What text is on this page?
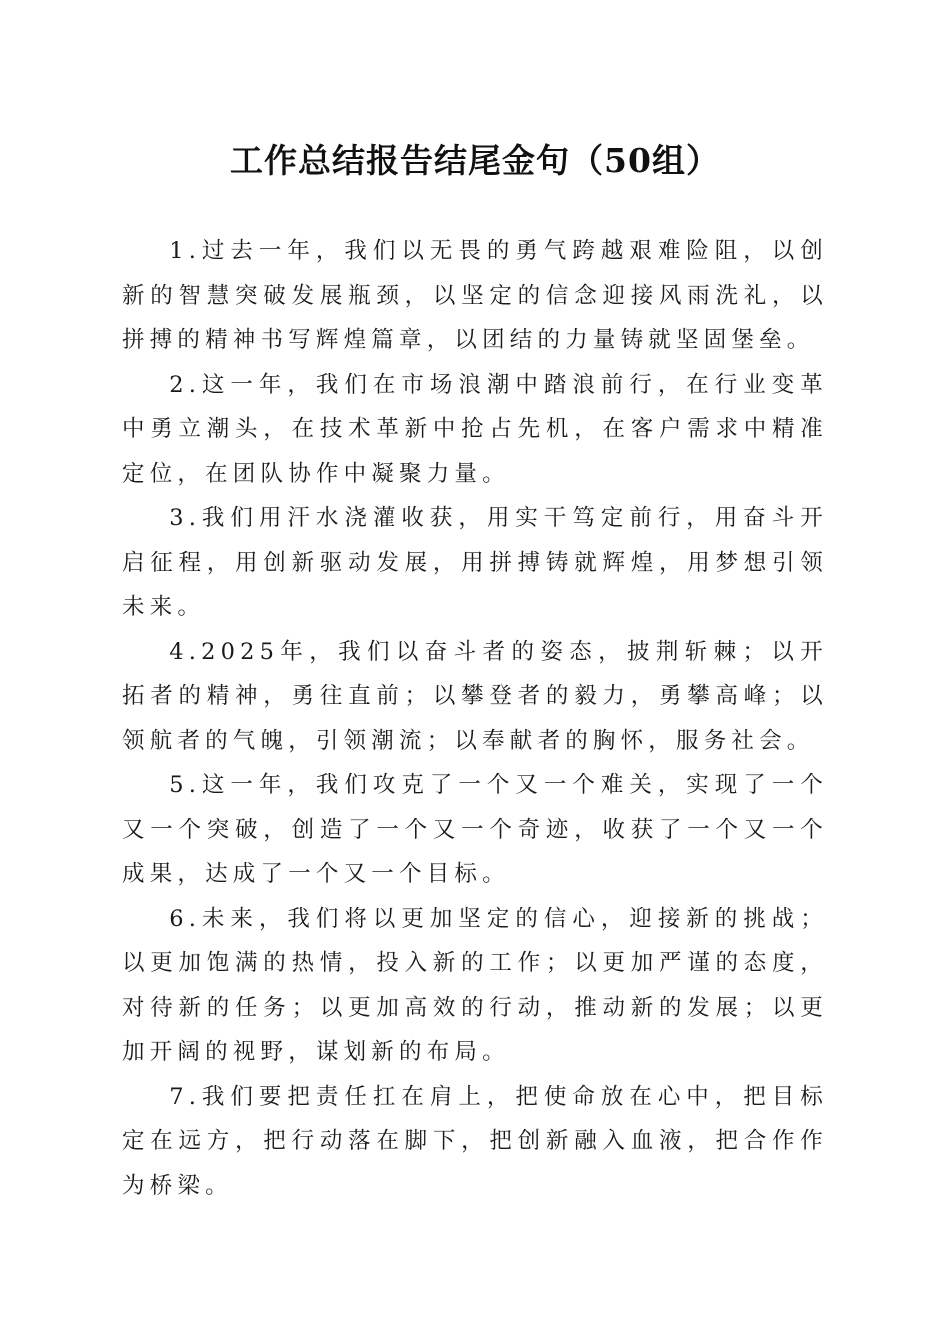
工作总结报告结尾金句（50组）

1.过去一年，我们以无畏的勇气跨越艰难险阻，以创新的智慧突破发展瓶颈，以坚定的信念迎接风雨洗礼，以拼搏的精神书写辉煌篇章，以团结的力量铸就坚固堡垒。

2.这一年，我们在市场浪潮中踏浪前行，在行业变革中勇立潮头，在技术革新中抢占先机，在客户需求中精准定位，在团队协作中凝聚力量。

3.我们用汗水浇灌收获，用实干笃定前行，用奋斗开启征程，用创新驱动发展，用拼搏铸就辉煌，用梦想引领未来。

4.2025年，我们以奋斗者的姿态，披荆斩棘；以开拓者的精神，勇往直前；以攀登者的毅力，勇攀高峰；以领航者的气魄，引领潮流；以奉献者的胸怀，服务社会。

5.这一年，我们攻克了一个又一个难关，实现了一个又一个突破，创造了一个又一个奇迹，收获了一个又一个成果，达成了一个又一个目标。

6.未来，我们将以更加坚定的信心，迎接新的挑战；以更加饱满的热情，投入新的工作；以更加严谨的态度，对待新的任务；以更加高效的行动，推动新的发展；以更加开阔的视野，谋划新的布局。

7.我们要把责任扛在肩上，把使命放在心中，把目标定在远方，把行动落在脚下，把创新融入血液，把合作作为桥梁。
